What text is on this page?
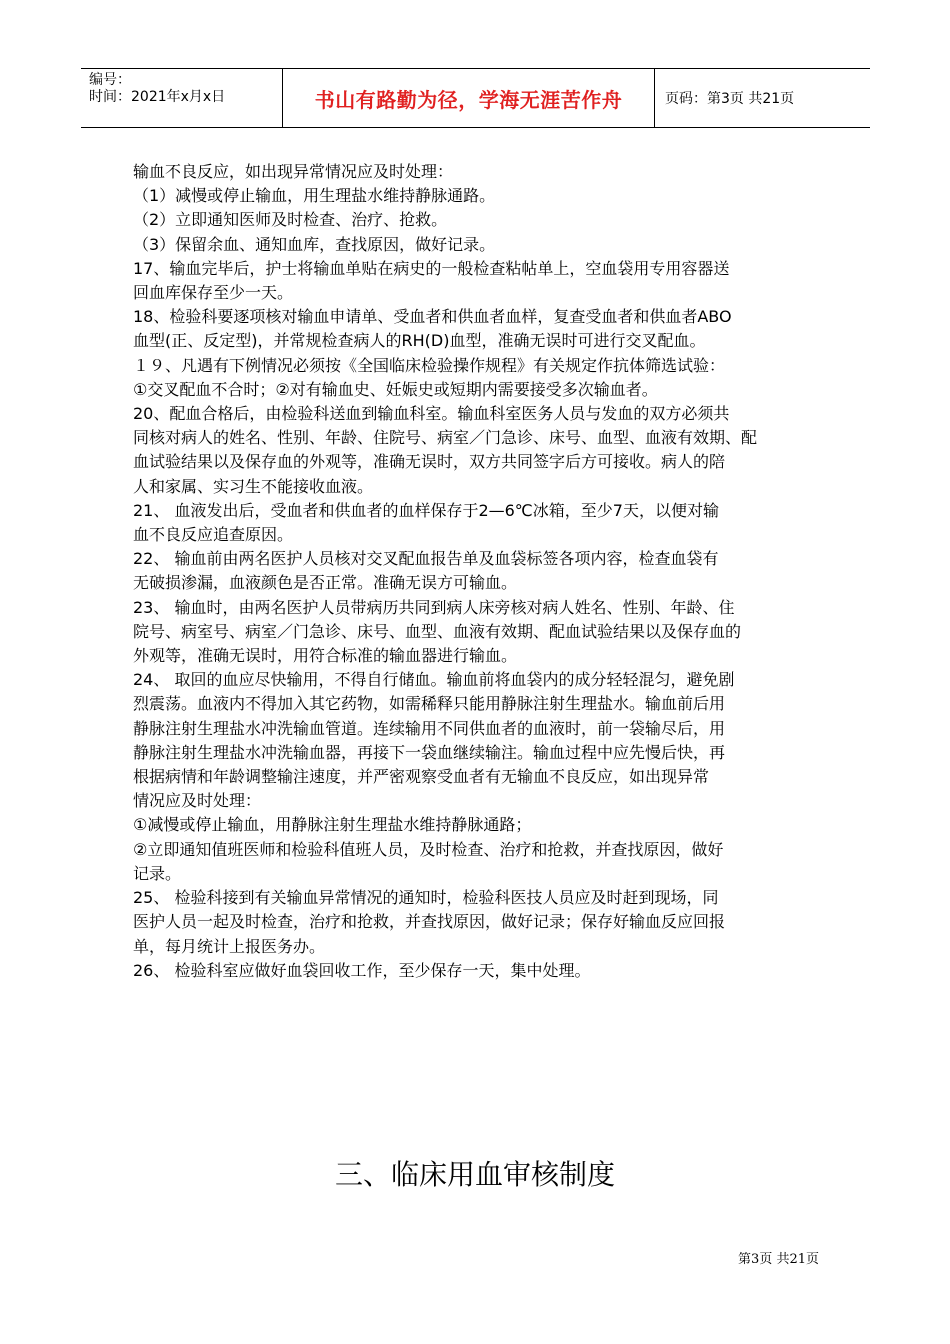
编号：
时间：2021年x月x日	书山有路勤为径，学海无涯苦作舟	页码：第3页 共21页

输血不良反应，如出现异常情况应及时处理：

（1）减慢或停止输血，用生理盐水维持静脉通路。

（2）立即通知医师及时检查、治疗、抢救。

（3）保留余血、通知血库，查找原因，做好记录。

17、输血完毕后，护士将输血单贴在病史的一般检查粘帖单上，空血袋用专用容器送

回血库保存至少一天。

18、检验科要逐项核对输血申请单、受血者和供血者血样，复查受血者和供血者ABO

血型(正、反定型)，并常规检查病人的RH(D)血型，准确无误时可进行交叉配血。

１９、凡遇有下例情况必须按《全国临床检验操作规程》有关规定作抗体筛选试验：

①交叉配血不合时；②对有输血史、妊娠史或短期内需要接受多次输血者。

20、配血合格后，由检验科送血到输血科室。输血科室医务人员与发血的双方必须共

同核对病人的姓名、性别、年龄、住院号、病室／门急诊、床号、血型、血液有效期、配

血试验结果以及保存血的外观等，准确无误时，双方共同签字后方可接收。病人的陪

人和家属、实习生不能接收血液。

21、 血液发出后，受血者和供血者的血样保存于2—6℃冰箱，至少7天，以便对输

血不良反应追查原因。

22、 输血前由两名医护人员核对交叉配血报告单及血袋标签各项内容，检查血袋有

无破损渗漏，血液颜色是否正常。准确无误方可输血。

23、 输血时，由两名医护人员带病历共同到病人床旁核对病人姓名、性别、年龄、住

院号、病室号、病室／门急诊、床号、血型、血液有效期、配血试验结果以及保存血的

外观等，准确无误时，用符合标准的输血器进行输血。

24、 取回的血应尽快输用，不得自行储血。输血前将血袋内的成分轻轻混匀，避免剧

烈震荡。血液内不得加入其它药物，如需稀释只能用静脉注射生理盐水。输血前后用

静脉注射生理盐水冲洗输血管道。连续输用不同供血者的血液时，前一袋输尽后，用

静脉注射生理盐水冲洗输血器，再接下一袋血继续输注。输血过程中应先慢后快，再

根据病情和年龄调整输注速度，并严密观察受血者有无输血不良反应，如出现异常

情况应及时处理：

①减慢或停止输血，用静脉注射生理盐水维持静脉通路；

②立即通知值班医师和检验科值班人员，及时检查、治疗和抢救，并查找原因，做好

记录。

25、 检验科接到有关输血异常情况的通知时，检验科医技人员应及时赶到现场，同

医护人员一起及时检查，治疗和抢救，并查找原因，做好记录；保存好输血反应回报

单，每月统计上报医务办。

26、 检验科室应做好血袋回收工作，至少保存一天，集中处理。

三、临床用血审核制度
第3页 共21页
